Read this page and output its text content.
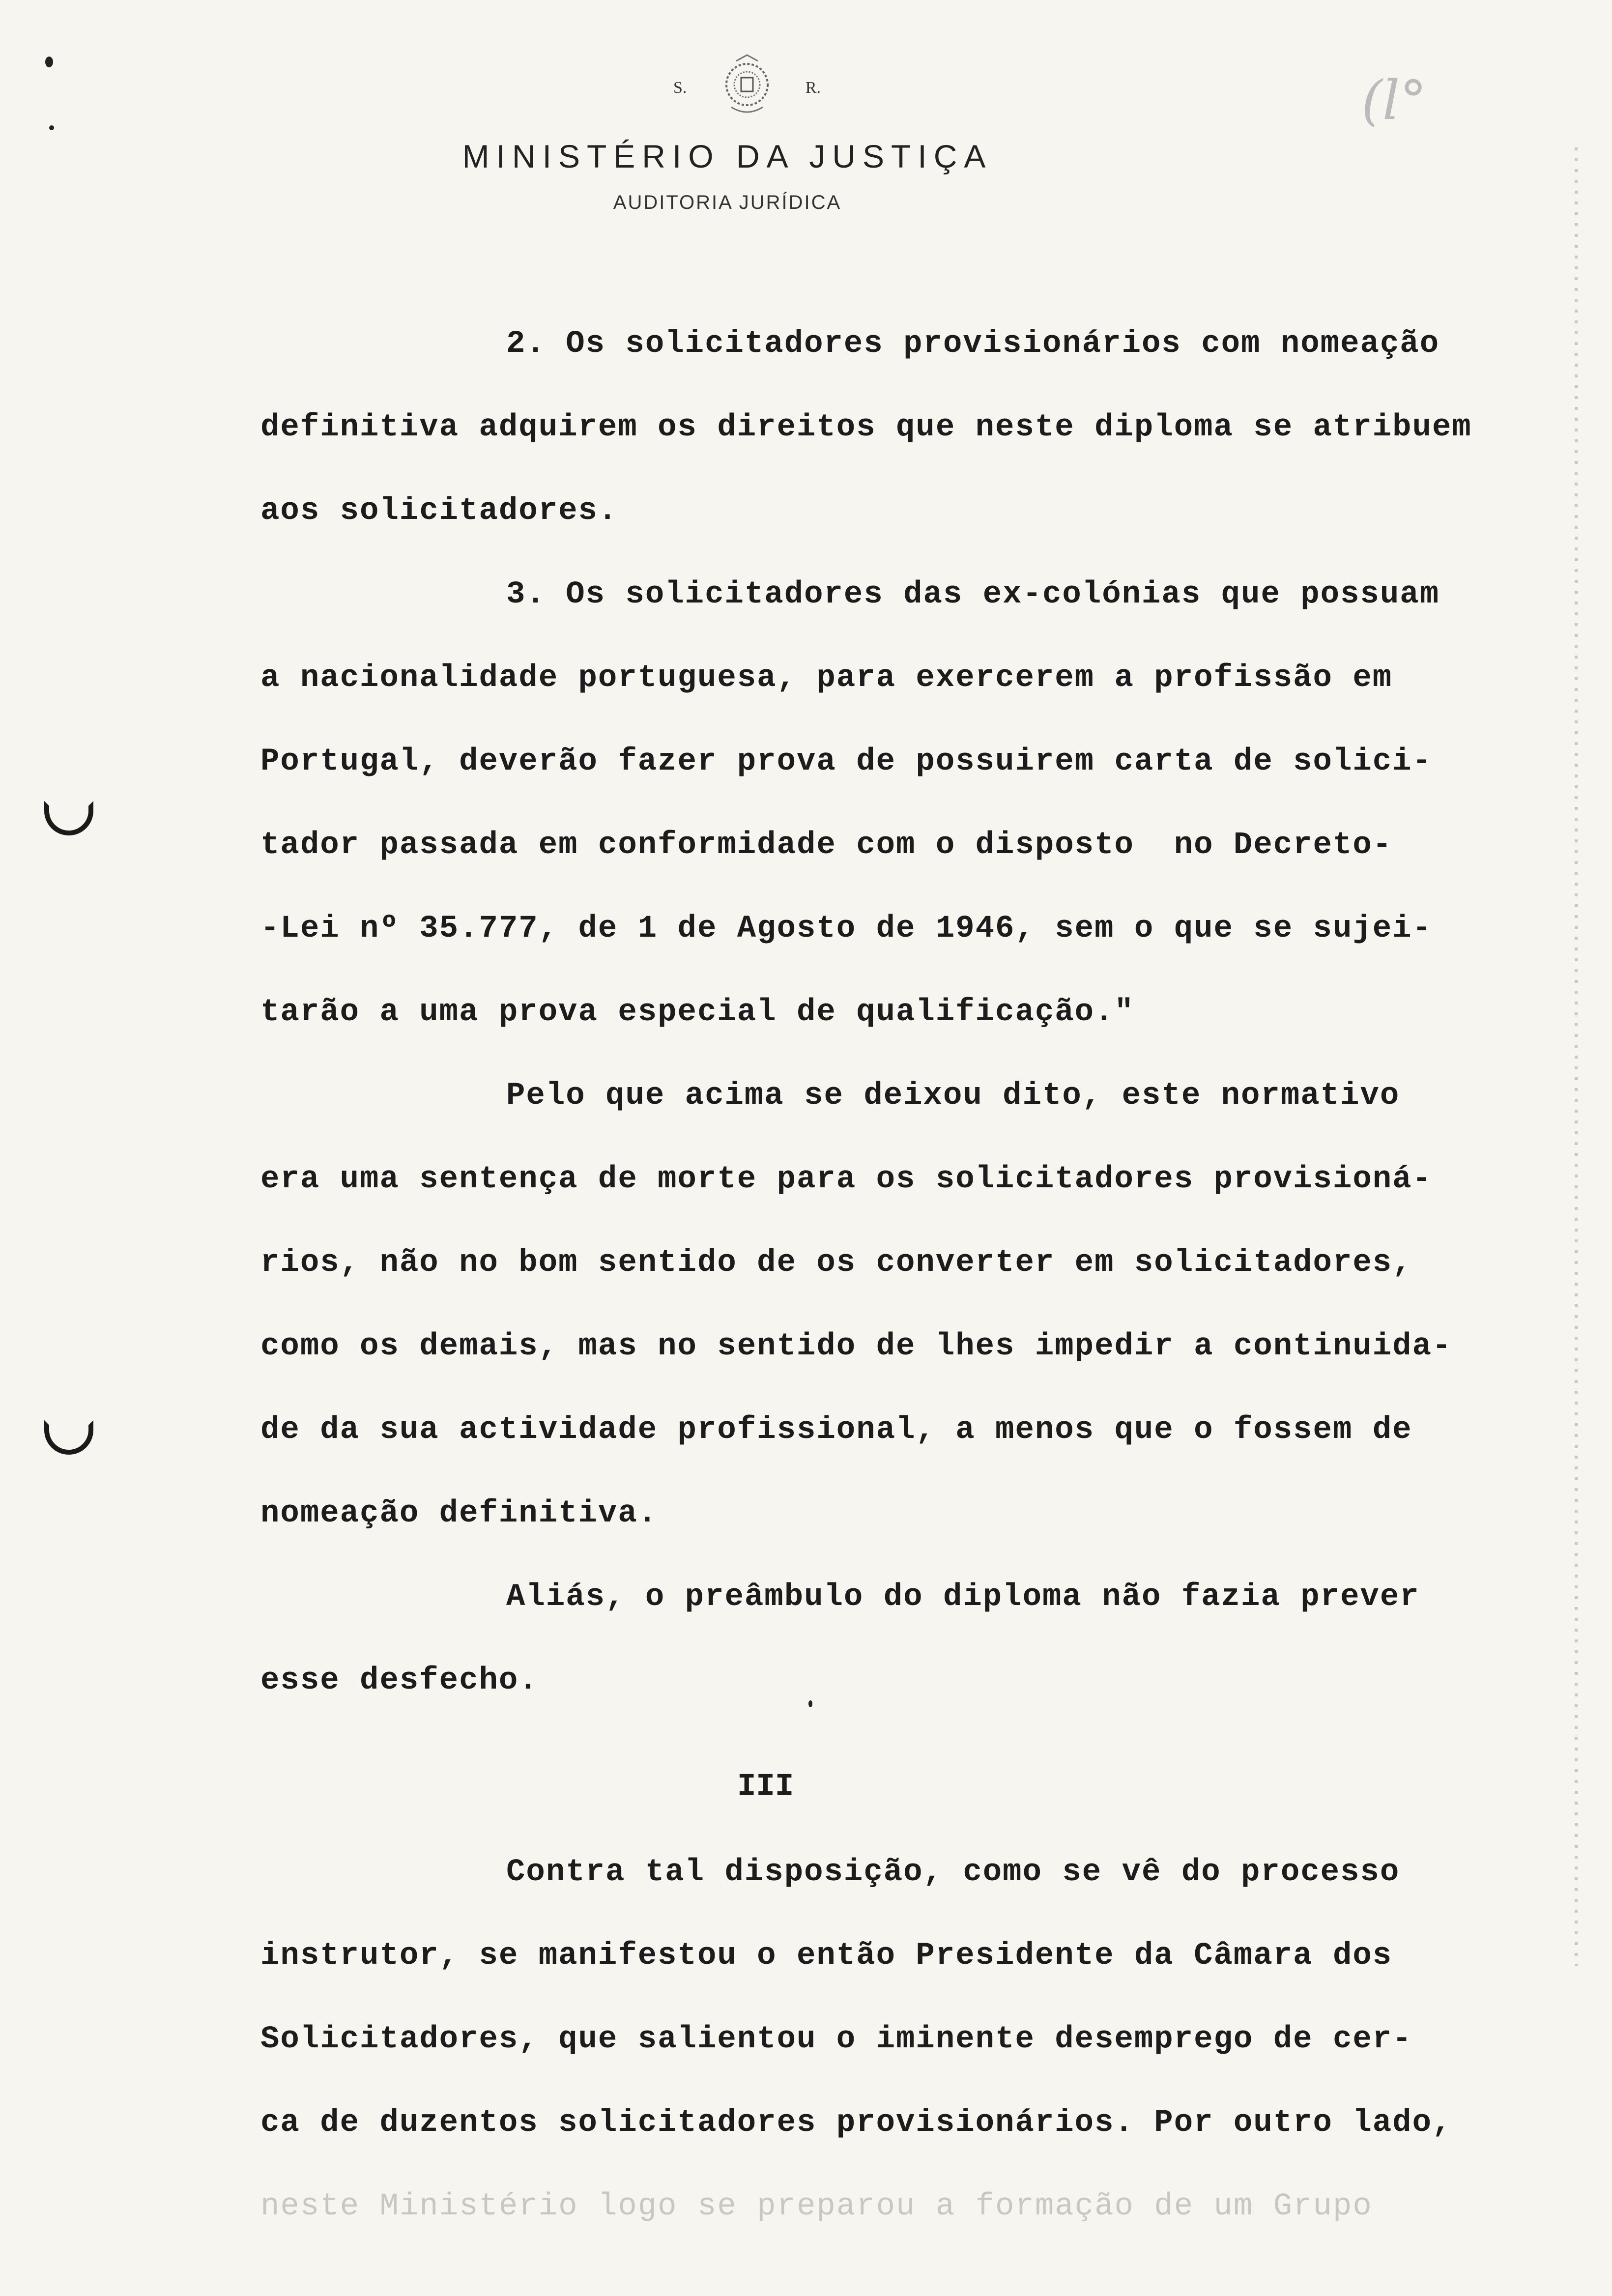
S.	R.
MINISTÉRIO DA JUSTIÇA
AUDITORIA JURÍDICA
(l°
2. Os solicitadores provisionários com nomeação
definitiva adquirem os direitos que neste diploma se atribuem
aos solicitadores.
3. Os solicitadores das ex-colónias que possuam
a nacionalidade portuguesa, para exercerem a profissão em
Portugal, deverão fazer prova de possuirem carta de solici-
tador passada em conformidade com o disposto  no Decreto-
-Lei nº 35.777, de 1 de Agosto de 1946, sem o que se sujei-
tarão a uma prova especial de qualificação."
Pelo que acima se deixou dito, este normativo
era uma sentença de morte para os solicitadores provisioná-
rios, não no bom sentido de os converter em solicitadores,
como os demais, mas no sentido de lhes impedir a continuida-
de da sua actividade profissional, a menos que o fossem de
nomeação definitiva.
Aliás, o preâmbulo do diploma não fazia prever
esse desfecho.
III
Contra tal disposição, como se vê do processo
instrutor, se manifestou o então Presidente da Câmara dos
Solicitadores, que salientou o iminente desemprego de cer-
ca de duzentos solicitadores provisionários. Por outro lado,
neste Ministério logo se preparou a formação de um Grupo
